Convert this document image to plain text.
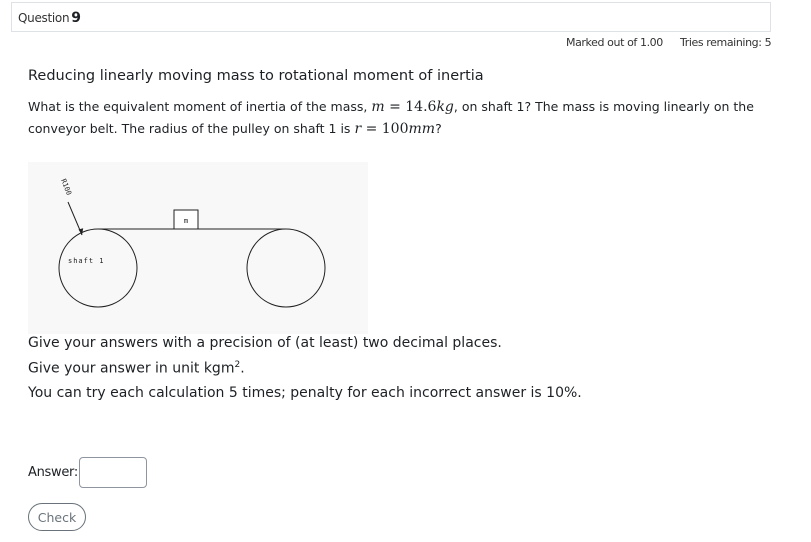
Question 9
Marked out of 1.00 Tries remaining: 5
Reducing linearly moving mass to rotational moment of inertia
What is the equivalent moment of inertia of the mass, m = 14.6kg, on shaft 1? The mass is moving linearly on the conveyor belt. The radius of the pulley on shaft 1 is r = 100mm?
m
R100
shaft 1
Give your answers with a precision of (at least) two decimal places.
Give your answer in unit kgm$^2$.
You can try each calculation 5 times; penalty for each incorrect answer is 10%.
Answer:
Check
